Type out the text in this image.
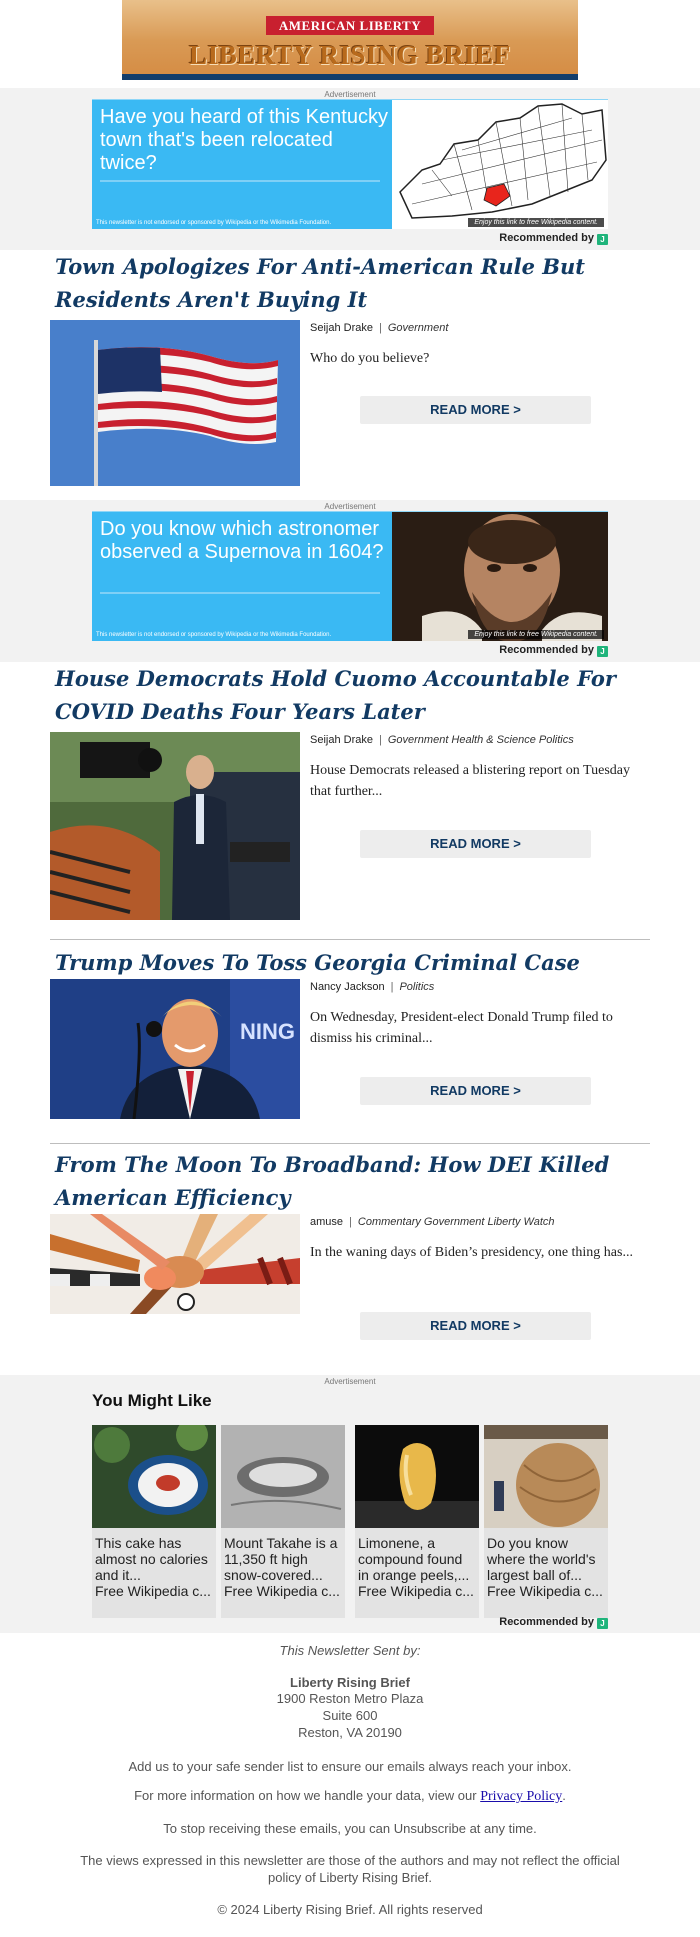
AMERICAN LIBERTY
LIBERTY RISING BRIEF
Advertisement
Have you heard of this Kentucky town that's been relocated twice?
This newsletter is not endorsed or sponsored by Wikipedia or the Wikimedia Foundation.	Enjoy this link to free Wikipedia content.
Recommended by J
Town Apologizes For Anti-American Rule But Residents Aren't Buying It
Seijah Drake | Government
Who do you believe?
READ MORE >
Advertisement
Do you know which astronomer observed a Supernova in 1604?
This newsletter is not endorsed or sponsored by Wikipedia or the Wikimedia Foundation.	Enjoy this link to free Wikipedia content.
Recommended by J
House Democrats Hold Cuomo Accountable For COVID Deaths Four Years Later
Seijah Drake | Government Health & Science Politics
House Democrats released a blistering report on Tuesday that further...
READ MORE >
Trump Moves To Toss Georgia Criminal Case
NING
Nancy Jackson | Politics
On Wednesday, President-elect Donald Trump filed to dismiss his criminal...
READ MORE >
From The Moon To Broadband: How DEI Killed American Efficiency
amuse | Commentary Government Liberty Watch
In the waning days of Biden’s presidency, one thing has...
READ MORE >
Advertisement
You Might Like
This cake has almost no calories and it...
Free Wikipedia c...
Mount Takahe is a 11,350 ft high snow-covered...
Free Wikipedia c...
Limonene, a compound found in orange peels,...
Free Wikipedia c...
Do you know where the world's largest ball of...
Free Wikipedia c...
Recommended by J

This Newsletter Sent by:

Liberty Rising Brief

1900 Reston Metro Plaza

Suite 600

Reston, VA 20190

Add us to your safe sender list to ensure our emails always reach your inbox.

For more information on how we handle your data, view our Privacy Policy.

To stop receiving these emails, you can Unsubscribe at any time.

The views expressed in this newsletter are those of the authors and may not reflect the official policy of Liberty Rising Brief.

© 2024 Liberty Rising Brief. All rights reserved
